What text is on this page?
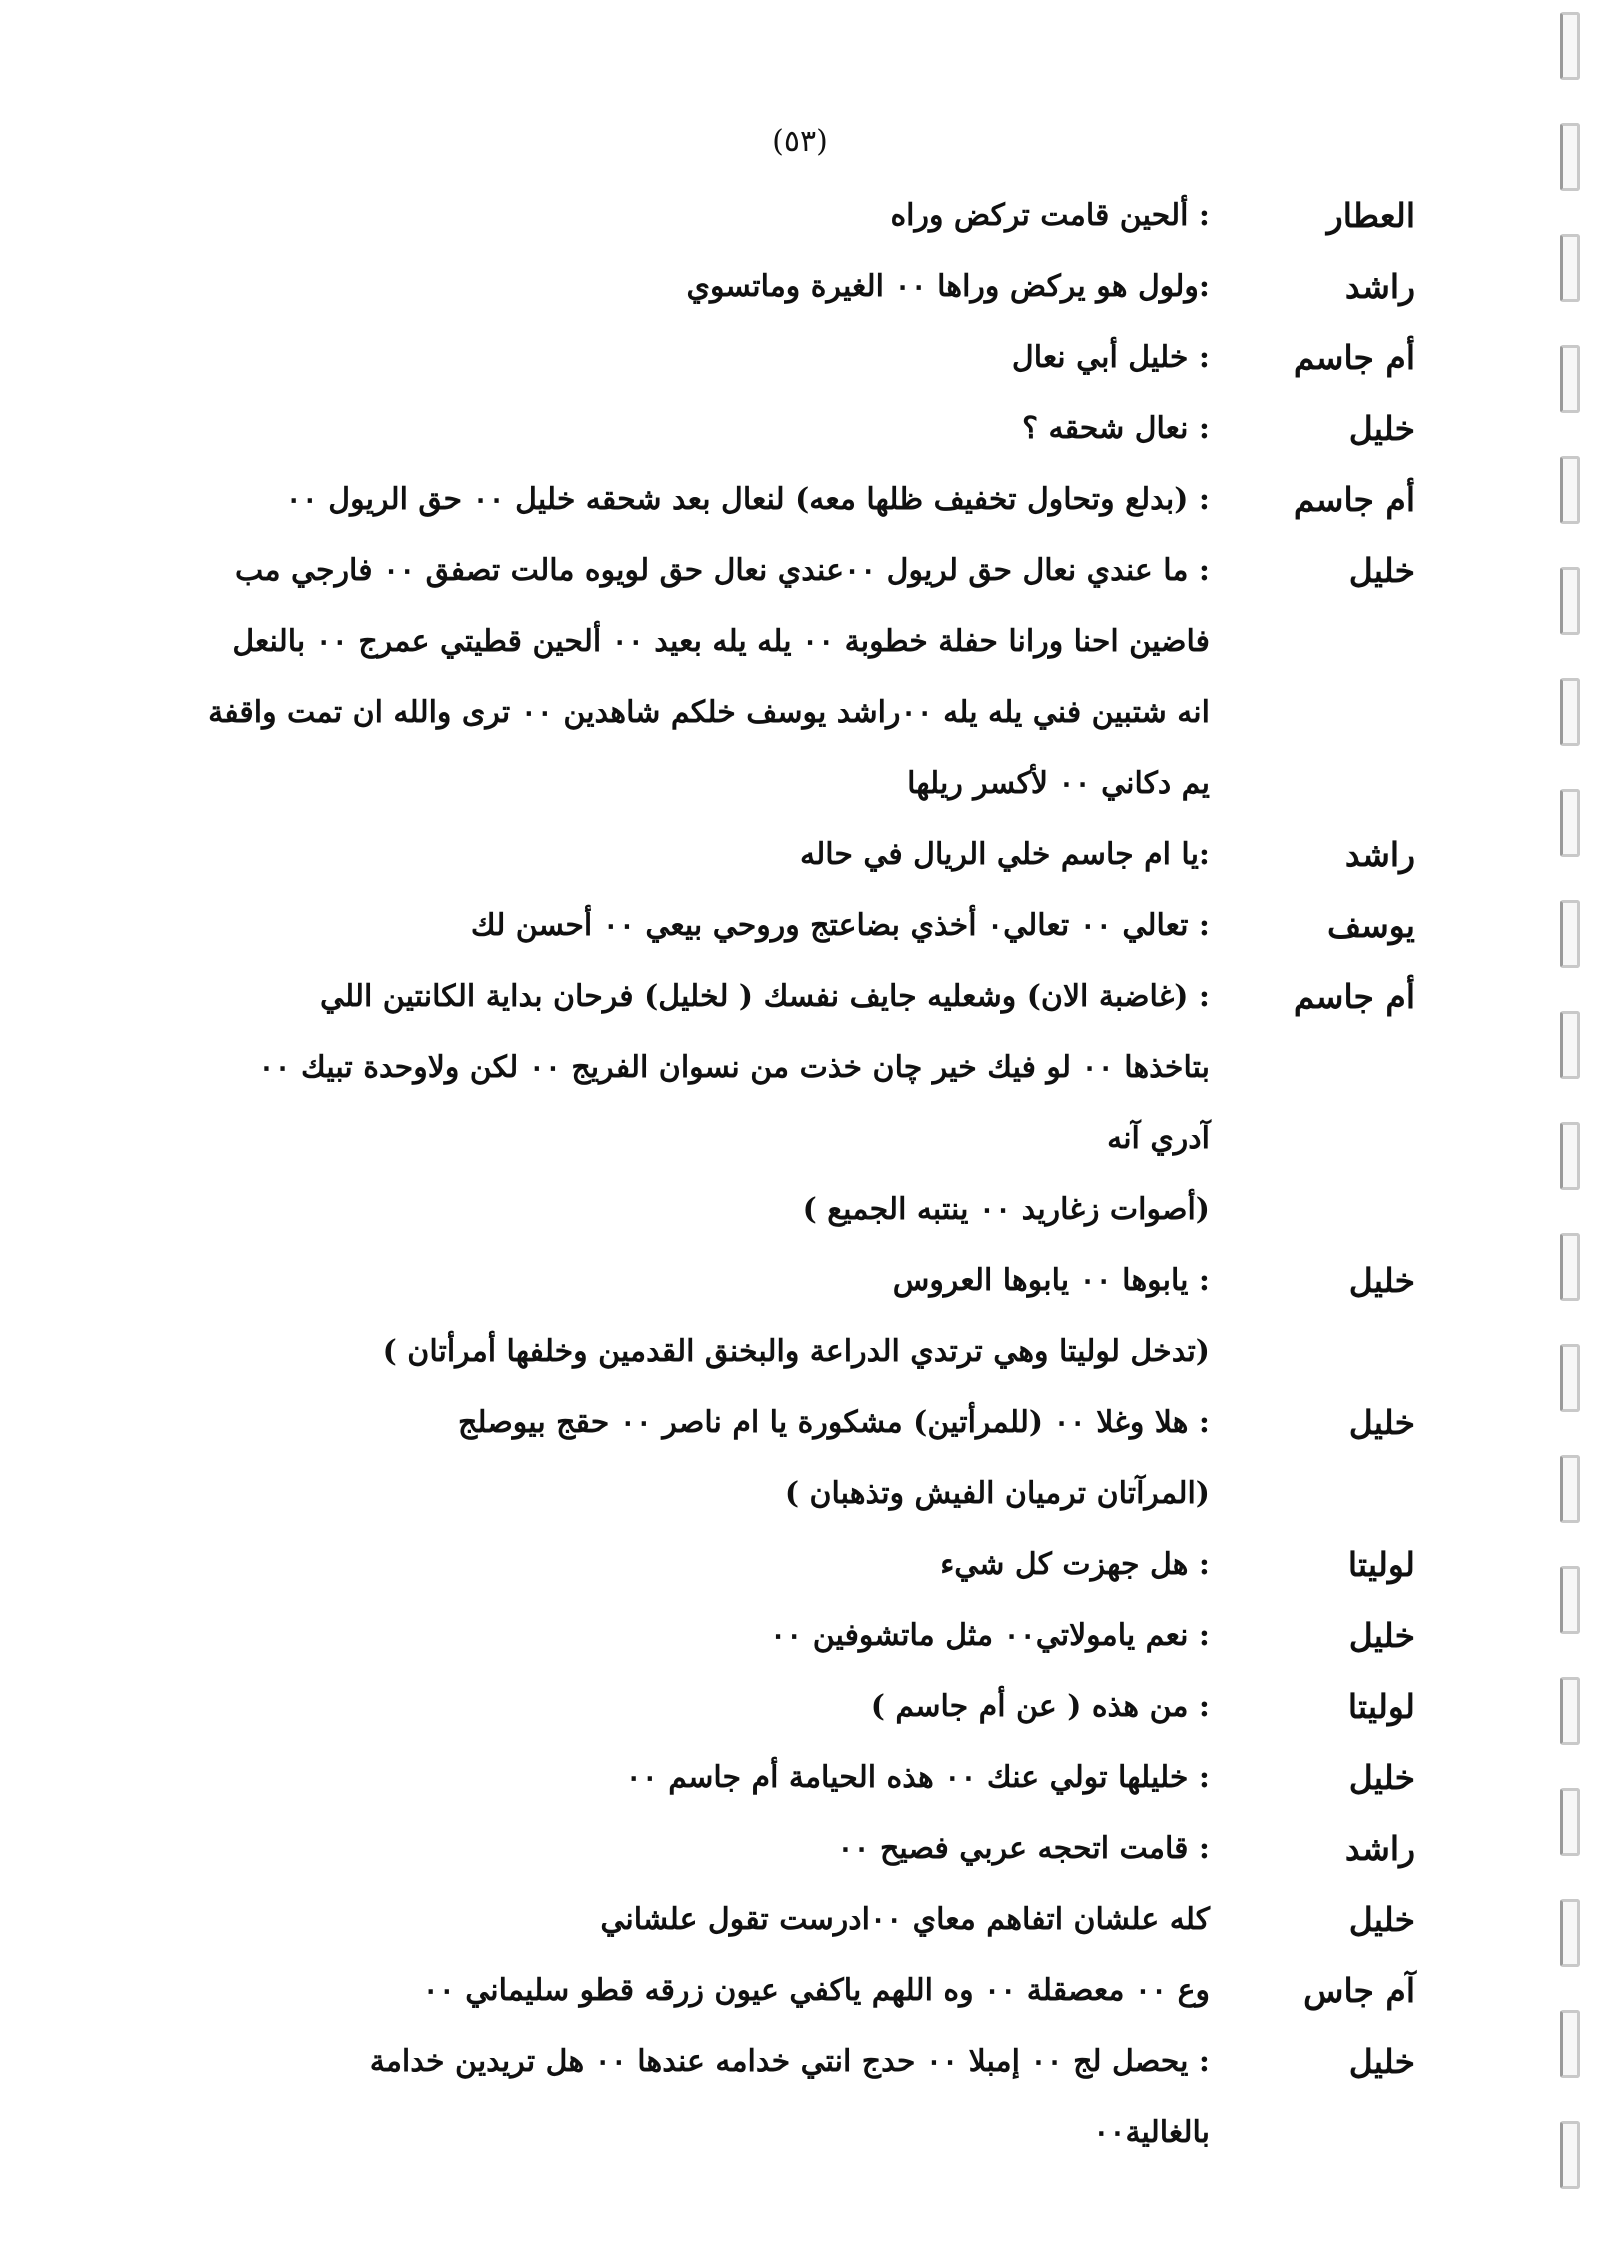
(٥٣)
العطار
: ألحين قامت تركض وراه
راشد
:ولول هو يركض وراها ٠٠ الغيرة وماتسوي
أم جاسم
: خليل أبي نعال
خليل
: نعال شحقه ؟
أم جاسم
: (بدلع وتحاول تخفيف ظلها معه) لنعال بعد شحقه خليل ٠٠ حق الريول ٠٠
خليل
: ما عندي نعال حق لريول ٠٠عندي نعال حق لويوه مالت تصفق ٠٠ فارجي مب
فاضين احنا ورانا حفلة خطوبة ٠٠ يله يله بعيد ٠٠ ألحين قطيتي عمرج ٠٠ بالنعل
انه شتبين فني يله يله ٠٠راشد يوسف خلكم شاهدين ٠٠ ترى والله ان تمت واقفة
يم دكاني ٠٠ لأكسر ريلها
راشد
:يا ام جاسم خلي الريال في حاله
يوسف
: تعالي ٠٠ تعالي٠ أخذي بضاعتج وروحي بيعي ٠٠ أحسن لك
أم جاسم
: (غاضبة الان) وشعليه جايف نفسك ( لخليل) فرحان بداية الكانتين اللي
بتاخذها ٠٠ لو فيك خير چان خذت من نسوان الفريج ٠٠ لكن ولاوحدة تبيك ٠٠
آدري آنه
(أصوات زغاريد ٠٠ ينتبه الجميع )
خليل
: يابوها ٠٠ يابوها العروس
(تدخل لوليتا وهي ترتدي الدراعة والبخنق القدمين وخلفها أمرأتان )
خليل
: هلا وغلا ٠٠ (للمرأتين) مشكورة يا ام ناصر ٠٠ حقج بيوصلج
(المرآتان ترميان الفيش وتذهبان )
لوليتا
: هل جهزت كل شيء
خليل
: نعم يامولاتي٠٠ مثل ماتشوفين ٠٠
لوليتا
: من هذه ( عن أم جاسم )
خليل
: خليلها تولي عنك ٠٠ هذه الحيامة أم جاسم ٠٠
راشد
: قامت اتحجه عربي فصيح ٠٠
خليل
كله علشان اتفاهم معاي ٠٠ادرست تقول علشاني
آم جاس
وع ٠٠ معصقلة ٠٠ وه اللهم ياكفي عيون زرقه قطو سليماني ٠٠
خليل
: يحصل لج ٠٠ إمبلا ٠٠ حدج انتي خدامه عندها ٠٠ هل تريدين خدامة
بالغالية٠٠
